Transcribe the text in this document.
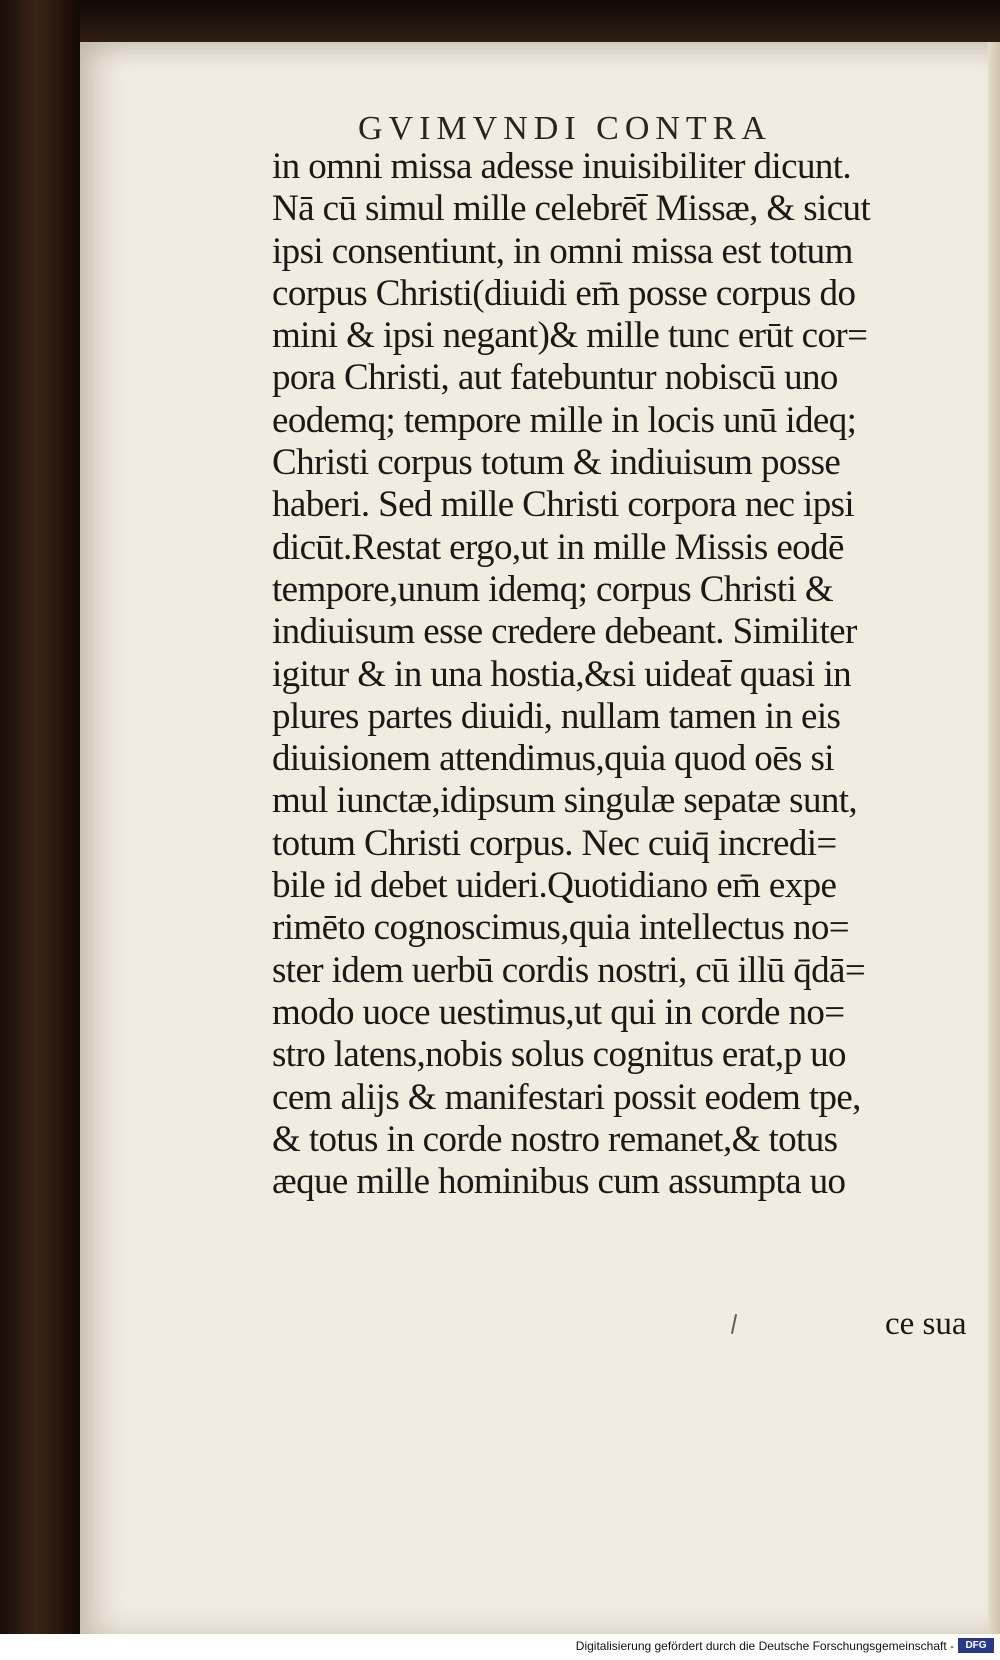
GVIMVNDI CONTRA
in omni missa adesse inuisibiliter dicunt.
Nā cū simul mille celebrēt̄ Missæ, & sicut
ipsi consentiunt, in omni missa est totum
corpus Christi(diuidi em̄ posse corpus do
mini & ipsi negant)& mille tunc erūt cor=
pora Christi, aut fatebuntur nobiscū uno
eodemq; tempore mille in locis unū ideq;
Christi corpus totum & indiuisum posse
haberi. Sed mille Christi corpora nec ipsi
dicūt.Restat ergo,ut in mille Missis eodē
tempore,unum idemq; corpus Christi &
indiuisum esse credere debeant. Similiter
igitur & in una hostia,&si uideat̄ quasi in
plures partes diuidi, nullam tamen in eis
diuisionem attendimus,quia quod oēs si
mul iunctæ,idipsum singulæ sepatæ sunt,
totum Christi corpus. Nec cuiq̄ incredi=
bile id debet uideri.Quotidiano em̄ expe
rimēto cognoscimus,quia intellectus no=
ster idem uerbū cordis nostri, cū illū q̄dā=
modo uoce uestimus,ut qui in corde no=
stro latens,nobis solus cognitus erat,p uo
cem alijs & manifestari possit eodem tpe,
& totus in corde nostro remanet,& totus
æque mille hominibus cum assumpta uo
ce sua
Digitalisierung gefördert durch die Deutsche Forschungsgemeinschaft -	DFG
